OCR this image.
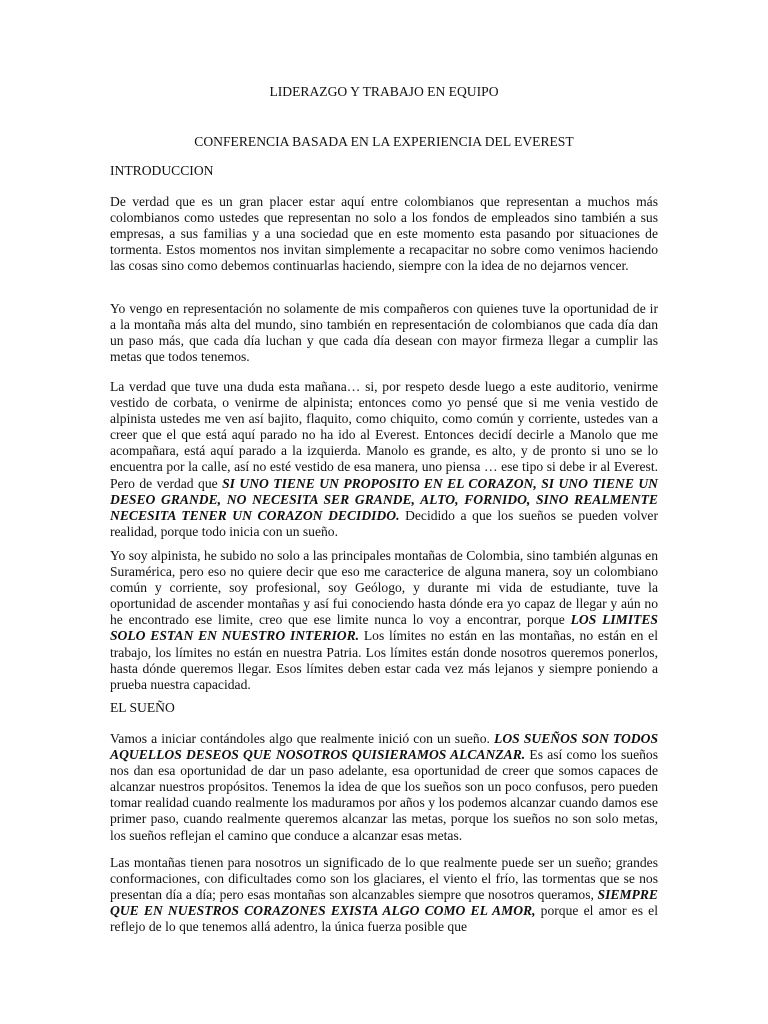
LIDERAZGO Y TRABAJO EN EQUIPO
CONFERENCIA BASADA EN LA EXPERIENCIA DEL EVEREST
INTRODUCCION

De verdad que es un gran placer estar aquí entre colombianos que representan a muchos más colombianos como ustedes que representan no solo a los fondos de empleados sino también a sus empresas, a sus familias y a una sociedad que en este momento esta pasando por situaciones de tormenta. Estos momentos nos invitan simplemente a recapacitar no sobre como venimos haciendo las cosas sino como debemos continuarlas haciendo, siempre con la idea de no dejarnos vencer.

Yo vengo en representación no solamente de mis compañeros con quienes tuve la oportunidad de ir a la montaña más alta del mundo, sino también en representación de colombianos que cada día dan un paso más, que cada día luchan y que cada día desean con mayor firmeza llegar a cumplir las metas que todos tenemos.

La verdad que tuve una duda esta mañana… si, por respeto desde luego a este auditorio, venirme vestido de corbata, o venirme de alpinista; entonces como yo pensé que si me venia vestido de alpinista ustedes me ven así bajito, flaquito, como chiquito, como común y corriente, ustedes van a creer que el que está aquí parado no ha ido al Everest. Entonces decidí decirle a Manolo que me acompañara, está aquí parado a la izquierda. Manolo es grande, es alto, y de pronto si uno se lo encuentra por la calle, así no esté vestido de esa manera, uno piensa … ese tipo si debe ir al Everest. Pero de verdad que SI UNO TIENE UN PROPOSITO EN EL CORAZON, SI UNO TIENE UN DESEO GRANDE, NO NECESITA SER GRANDE, ALTO, FORNIDO, SINO REALMENTE NECESITA TENER UN CORAZON DECIDIDO. Decidido a que los sueños se pueden volver realidad, porque todo inicia con un sueño.

Yo soy alpinista, he subido no solo a las principales montañas de Colombia, sino también algunas en Suramérica, pero eso no quiere decir que eso me caracterice de alguna manera, soy un colombiano común y corriente, soy profesional, soy Geólogo, y durante mi vida de estudiante, tuve la oportunidad de ascender montañas y así fui conociendo hasta dónde era yo capaz de llegar y aún no he encontrado ese limite, creo que ese limite nunca lo voy a encontrar, porque LOS LIMITES SOLO ESTAN EN NUESTRO INTERIOR. Los límites no están en las montañas, no están en el trabajo, los límites no están en nuestra Patria. Los límites están donde nosotros queremos ponerlos, hasta dónde queremos llegar. Esos límites deben estar cada vez más lejanos y siempre poniendo a prueba nuestra capacidad.

EL SUEÑO

Vamos a iniciar contándoles algo que realmente inició con un sueño. LOS SUEÑOS SON TODOS AQUELLOS DESEOS QUE NOSOTROS QUISIERAMOS ALCANZAR. Es así como los sueños nos dan esa oportunidad de dar un paso adelante, esa oportunidad de creer que somos capaces de alcanzar nuestros propósitos. Tenemos la idea de que los sueños son un poco confusos, pero pueden tomar realidad cuando realmente los maduramos por años y los podemos alcanzar cuando damos ese primer paso, cuando realmente queremos alcanzar las metas, porque los sueños no son solo metas, los sueños reflejan el camino que conduce a alcanzar esas metas.

Las montañas tienen para nosotros un significado de lo que realmente puede ser un sueño; grandes conformaciones, con dificultades como son los glaciares, el viento el frío, las tormentas que se nos presentan día a día; pero esas montañas son alcanzables siempre que nosotros queramos, SIEMPRE QUE EN NUESTROS CORAZONES EXISTA ALGO COMO EL AMOR, porque el amor es el reflejo de lo que tenemos allá adentro, la única fuerza posible que
